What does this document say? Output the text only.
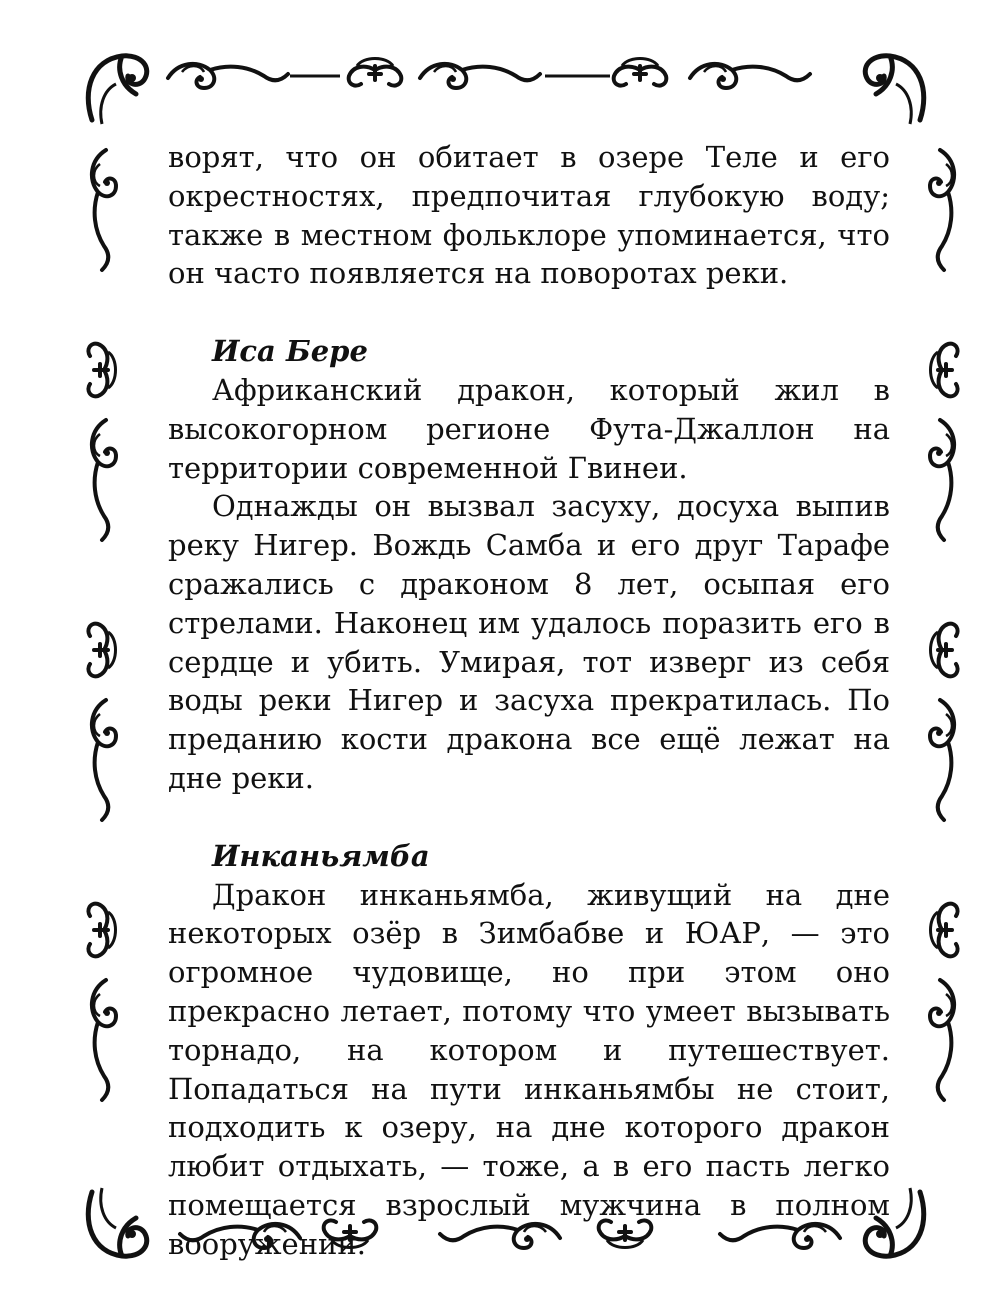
ворят, что он обитает в озере Теле и его окрестностях, предпочитая глубокую воду; также в местном фольклоре упоминается, что он часто появляется на поворотах реки.

Иса Бере

Африканский дракон, который жил в высокогорном регионе Фута-Джаллон на территории современной Гвинеи.

Однажды он вызвал засуху, досуха выпив реку Нигер. Вождь Самба и его друг Тарафе сражались с драконом 8 лет, осыпая его стрелами. Наконец им удалось поразить его в сердце и убить. Умирая, тот изверг из себя воды реки Нигер и засуха прекратилась. По преданию кости дракона все ещё лежат на дне реки.

Инканьямба

Дракон инканьямба, живущий на дне некоторых озёр в Зимбабве и ЮАР, — это огромное чудовище, но при этом оно прекрасно летает, потому что умеет вызывать торнадо, на котором и путешествует. Попадаться на пути инканьямбы не стоит, подходить к озеру, на дне которого дракон любит отдыхать, — тоже, а в его пасть легко помещается взрослый мужчина в полном вооружении.
